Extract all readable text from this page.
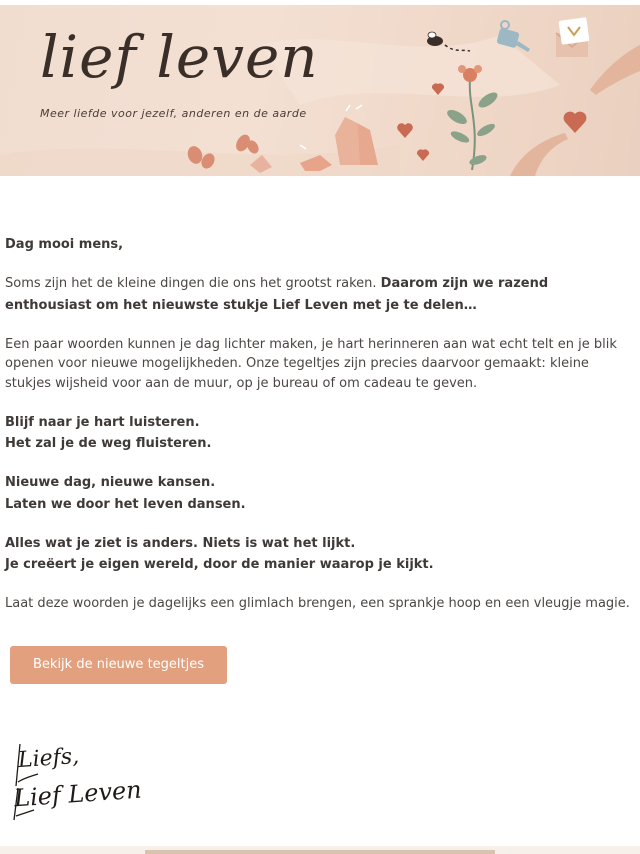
lief leven
Meer liefde voor jezelf, anderen en de aarde

Dag mooi mens,

Soms zijn het de kleine dingen die ons het grootst raken. Daarom zijn we razend enthousiast om het nieuwste stukje Lief Leven met je te delen…

Een paar woorden kunnen je dag lichter maken, je hart herinneren aan wat echt telt en je blik openen voor nieuwe mogelijkheden. Onze tegeltjes zijn precies daarvoor gemaakt: kleine stukjes wijsheid voor aan de muur, op je bureau of om cadeau te geven.

Blijf naar je hart luisteren.
Het zal je de weg fluisteren.

Nieuwe dag, nieuwe kansen.
Laten we door het leven dansen.

Alles wat je ziet is anders. Niets is wat het lijkt.
Je creëert je eigen wereld, door de manier waarop je kijkt.

Laat deze woorden je dagelijks een glimlach brengen, een sprankje hoop en een vleugje magie.

Bekijk de nieuwe tegeltjes
Liefs,
Lief Leven
